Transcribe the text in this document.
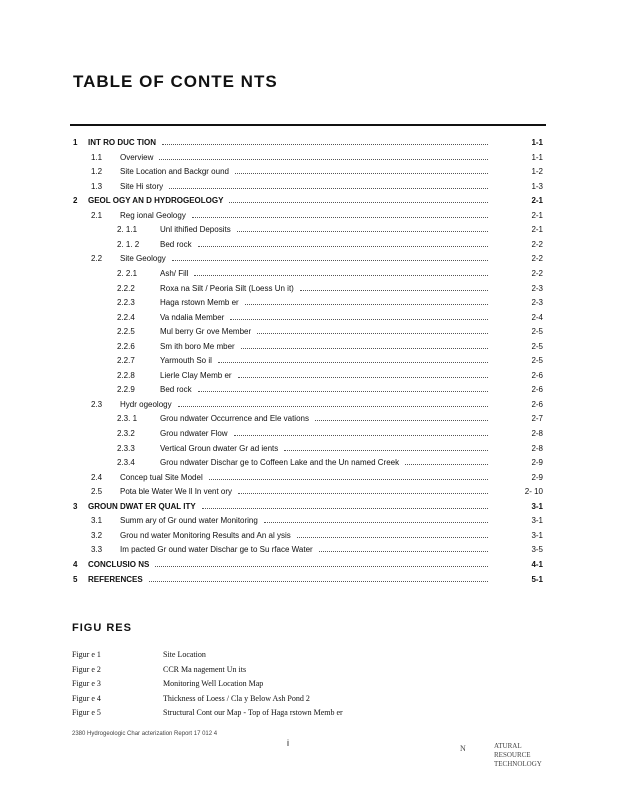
TABLE OF CONTE NTS
1 INT RO DUC TION	1-1
1.1 Overview	1-1
1.2 Site Location and Backgr ound	1-2
1.3 Site Hi story	1-3
2 GEOL OGY AN D HYDROGEOLOGY	2-1
2.1 Reg ional Geology	2-1
2. 1.1	Unl ithified Deposits	2-1
2. 1. 2	Bed rock	2-2
2.2 Site Geology	2-2
2. 2.1	Ash/ Fill	2-2
2.2.2	Roxa na Silt / Peoria Silt (Loess Un it)	2-3
2.2.3	Haga rstown Memb er	2-3
2.2.4	Va ndalia Member	2-4
2.2.5	Mul berry Gr ove Member	2-5
2.2.6	Sm ith boro Me mber	2-5
2.2.7	Yarmouth So il	2-5
2.2.8	Lierle Clay Memb er	2-6
2.2.9	Bed rock	2-6
2.3 Hydr ogeology	2-6
2.3. 1	Grou ndwater Occurrence and Ele vations	2-7
2.3.2	Grou ndwater Flow	2-8
2.3.3	Vertical Groun dwater Gr ad ients	2-8
2.3.4	Grou ndwater Dischar ge to Coffeen Lake and the Un named Creek	2-9
2.4 Concep tual Site Model	2-9
2.5 Pota ble Water We ll In vent ory	2- 10
3 GROUN DWAT ER QUAL ITY	3-1
3.1 Summ ary of Gr ound water Monitoring	3-1
3.2 Grou nd water Monitoring Results and An al ysis	3-1
3.3 Im pacted Gr ound water Dischar ge to Su rface Water	3-5
4 CONCLUSIO NS	4-1
5 REFERENCES	5-1
FIGU RES
Figur e 1	Site Location
Figur e 2	CCR Ma nagement Un its
Figur e 3	Monitoring Well Location Map
Figur e 4	Thickness of Loess / Cla y Below Ash Pond 2
Figur e 5	Structural Cont our Map - Top of Haga rstown Memb er
2380 Hydrogeologic Char acterization Report 17 012 4
i
N	ATURAL
RESOURCE
TECHNOLOGY
